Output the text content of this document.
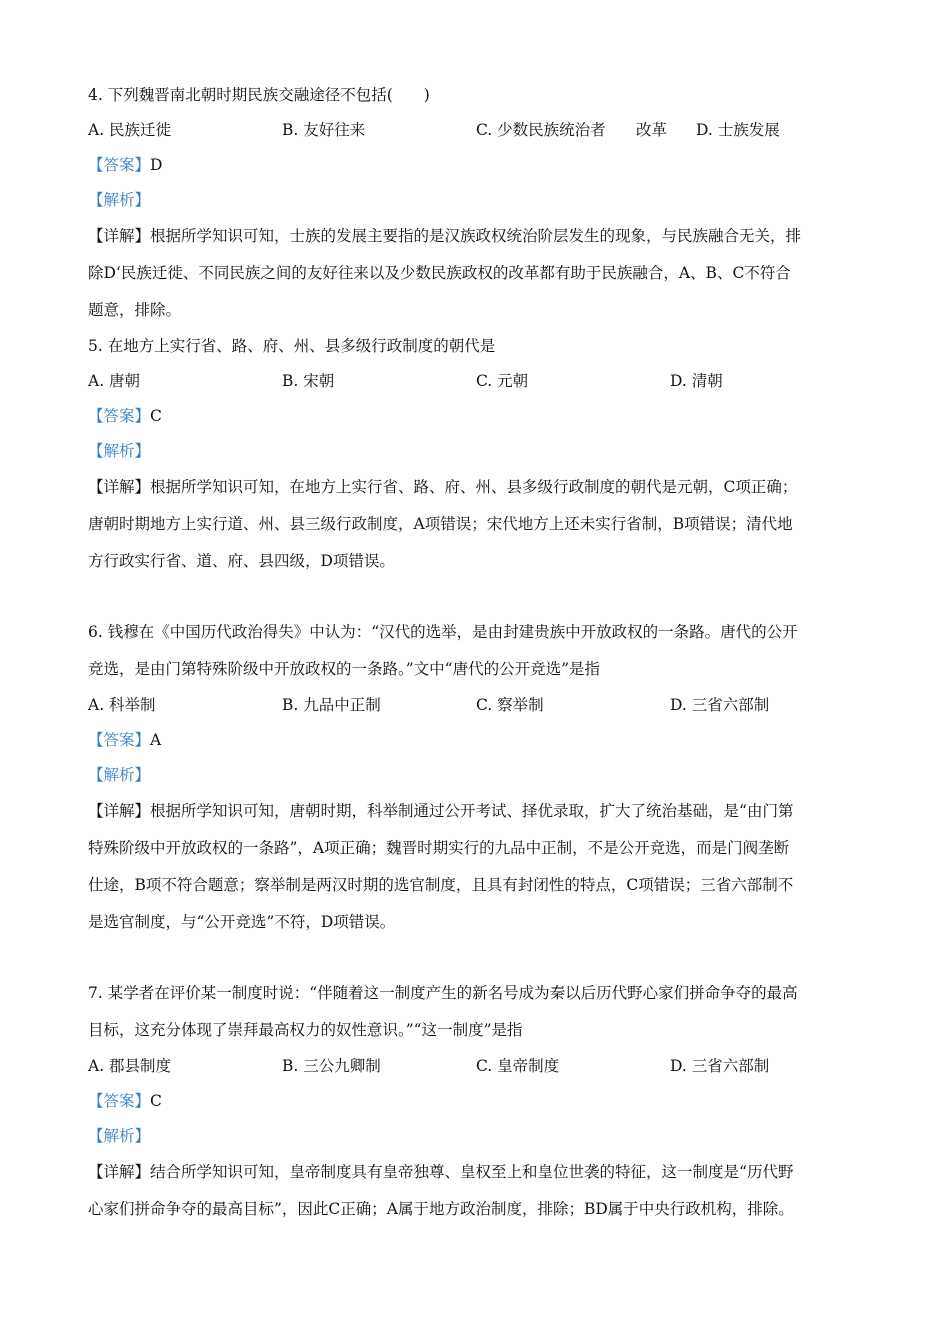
4. 下列魏晋南北朝时期民族交融途径不包括(　　)
A. 民族迁徙	B. 友好往来	C. 少数民族统治者	改革	D. 士族发展
【答案】D
【解析】
【详解】根据所学知识可知，士族的发展主要指的是汉族政权统治阶层发生的现象，与民族融合无关，排
除D‘民族迁徙、不同民族之间的友好往来以及少数民族政权的改革都有助于民族融合，A、B、C不符合
题意，排除。
5. 在地方上实行省、路、府、州、县多级行政制度的朝代是
A. 唐朝	B. 宋朝	C. 元朝	D. 清朝
【答案】C
【解析】
【详解】根据所学知识可知，在地方上实行省、路、府、州、县多级行政制度的朝代是元朝，C项正确；
唐朝时期地方上实行道、州、县三级行政制度，A项错误；宋代地方上还未实行省制，B项错误；清代地
方行政实行省、道、府、县四级，D项错误。
6. 钱穆在《中国历代政治得失》中认为：“汉代的选举，是由封建贵族中开放政权的一条路。唐代的公开
竞选，是由门第特殊阶级中开放政权的一条路。”文中“唐代的公开竞选”是指
A. 科举制	B. 九品中正制	C. 察举制	D. 三省六部制
【答案】A
【解析】
【详解】根据所学知识可知，唐朝时期，科举制通过公开考试、择优录取，扩大了统治基础，是“由门第
特殊阶级中开放政权的一条路”，A项正确；魏晋时期实行的九品中正制，不是公开竞选，而是门阀垄断
仕途，B项不符合题意；察举制是两汉时期的选官制度，且具有封闭性的特点，C项错误；三省六部制不
是选官制度，与“公开竞选”不符，D项错误。
7. 某学者在评价某一制度时说：“伴随着这一制度产生的新名号成为秦以后历代野心家们拼命争夺的最高
目标，这充分体现了崇拜最高权力的奴性意识。”“这一制度”是指
A. 郡县制度	B. 三公九卿制	C. 皇帝制度	D. 三省六部制
【答案】C
【解析】
【详解】结合所学知识可知，皇帝制度具有皇帝独尊、皇权至上和皇位世袭的特征，这一制度是“历代野
心家们拼命争夺的最高目标”，因此C正确；A属于地方政治制度，排除；BD属于中央行政机构，排除。
